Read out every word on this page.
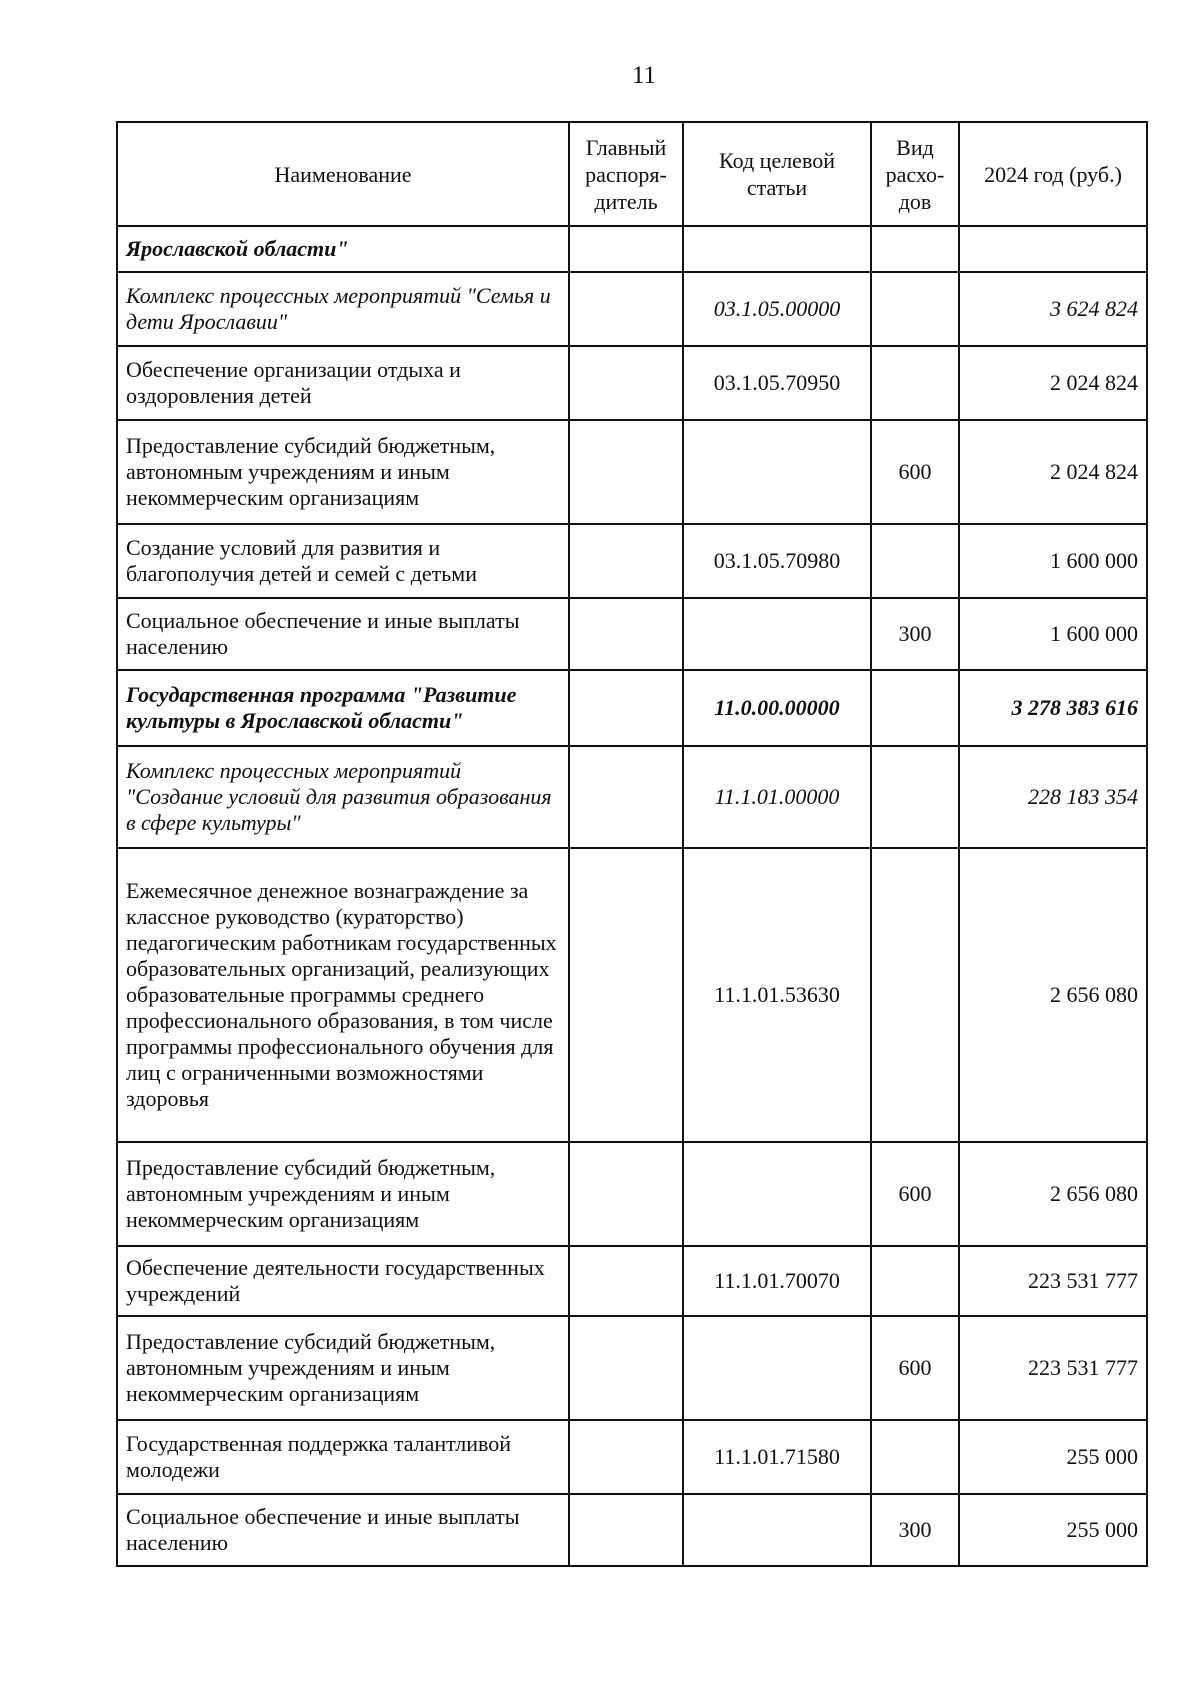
11
Наименование	Главный распоря-дитель	Код целевой статьи	Вид расхо-дов	2024 год (руб.)
Ярославской области"				
Комплекс процессных мероприятий "Семья и дети Ярославии"		03.1.05.00000		3 624 824
Обеспечение организации отдыха и оздоровления детей		03.1.05.70950		2 024 824
Предоставление субсидий бюджетным, автономным учреждениям и иным некоммерческим организациям			600	2 024 824
Создание условий для развития и благополучия детей и семей с детьми		03.1.05.70980		1 600 000
Социальное обеспечение и иные выплаты населению			300	1 600 000
Государственная программа "Развитие культуры в Ярославской области"		11.0.00.00000		3 278 383 616
Комплекс процессных мероприятий "Создание условий для развития образования в сфере культуры"		11.1.01.00000		228 183 354
Ежемесячное денежное вознаграждение за классное руководство (кураторство) педагогическим работникам государственных образовательных организаций, реализующих образовательные программы среднего профессионального образования, в том числе программы профессионального обучения для лиц с ограниченными возможностями здоровья		11.1.01.53630		2 656 080
Предоставление субсидий бюджетным, автономным учреждениям и иным некоммерческим организациям			600	2 656 080
Обеспечение деятельности государственных учреждений		11.1.01.70070		223 531 777
Предоставление субсидий бюджетным, автономным учреждениям и иным некоммерческим организациям			600	223 531 777
Государственная поддержка талантливой молодежи		11.1.01.71580		255 000
Социальное обеспечение и иные выплаты населению			300	255 000
